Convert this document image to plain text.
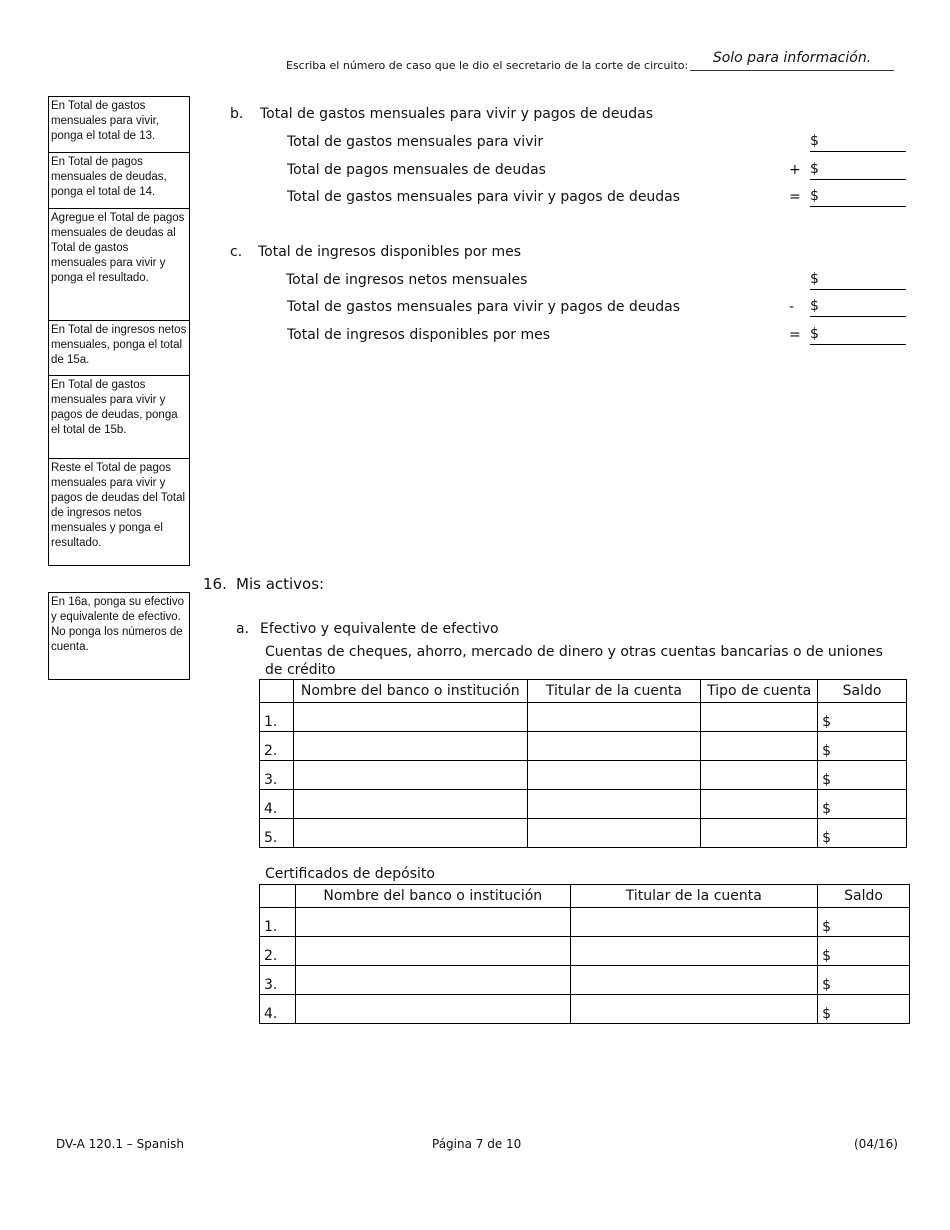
Escriba el número de caso que le dio el secretario de la corte de circuito:	Solo para información.
En Total de gastos mensuales para vivir, ponga el total de 13.
En Total de pagos mensuales de deudas, ponga el total de 14.
Agregue el Total de pagos mensuales de deudas al Total de gastos mensuales para vivir y ponga el resultado.
En Total de ingresos netos mensuales, ponga el total de 15a.
En Total de gastos mensuales para vivir y pagos de deudas, ponga el total de 15b.
Reste el Total de pagos mensuales para vivir y pagos de deudas del Total de ingresos netos mensuales y ponga el resultado.
En 16a, ponga su efectivo y equivalente de efectivo. No ponga los números de cuenta.
b. Total de gastos mensuales para vivir y pagos de deudas
Total de gastos mensuales para vivir	$
Total de pagos mensuales de deudas	+ $
Total de gastos mensuales para vivir y pagos de deudas	= $
c. Total de ingresos disponibles por mes
Total de ingresos netos mensuales	$
Total de gastos mensuales para vivir y pagos de deudas	- $
Total de ingresos disponibles por mes	= $
16. Mis activos:
a. Efectivo y equivalente de efectivo
Cuentas de cheques, ahorro, mercado de dinero y otras cuentas bancarias o de uniones
de crédito
	Nombre del banco o institución	Titular de la cuenta	Tipo de cuenta	Saldo
1.				$
2.				$
3.				$
4.				$
5.				$
Certificados de depósito
	Nombre del banco o institución	Titular de la cuenta	Saldo
1.			$
2.			$
3.			$
4.			$
DV-A 120.1 – Spanish	Página 7 de 10	(04/16)
